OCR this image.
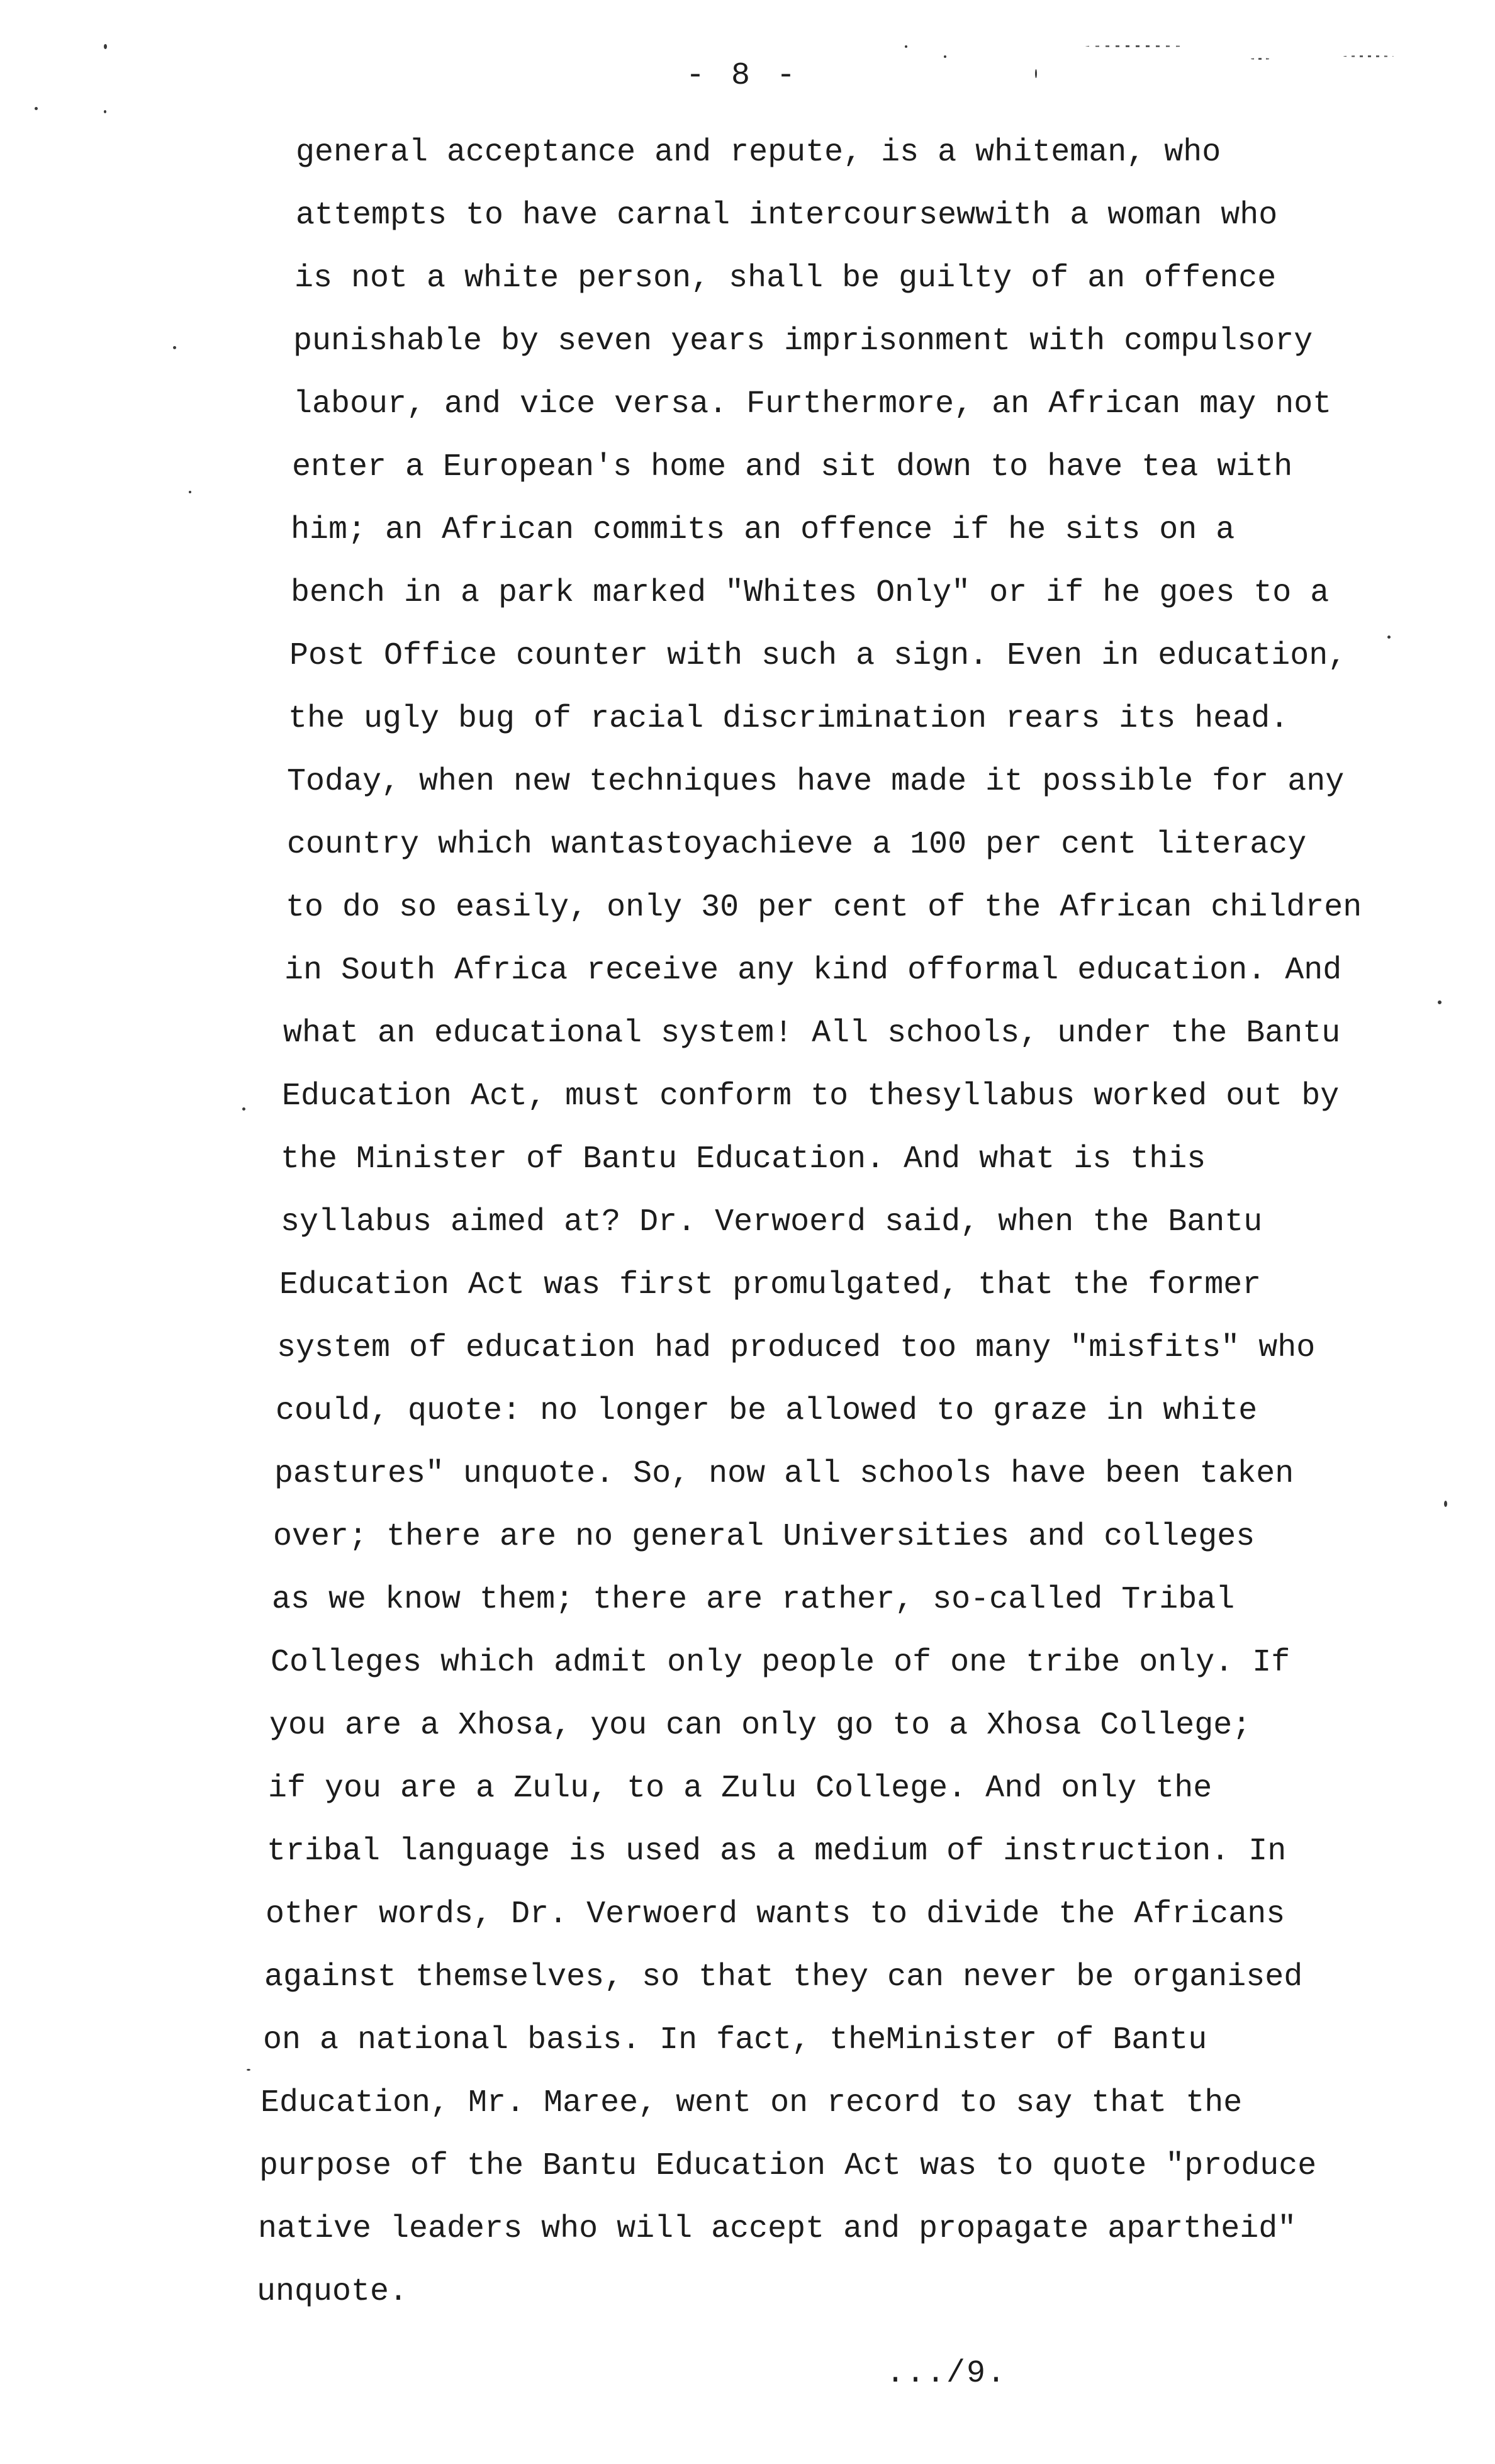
- 8 -
general acceptance and repute, is a whiteman, who
attempts to have carnal intercoursewwith a woman who
is not a white person, shall be guilty of an offence
punishable by seven years imprisonment with compulsory
labour, and vice versa. Furthermore, an African may not
enter a European's home and sit down to have tea with
him; an African commits an offence if he sits on a
bench in a park marked "Whites Only" or if he goes to a
Post Office counter with such a sign. Even in education,
the ugly bug of racial discrimination rears its head.
Today, when new techniques have made it possible for any
country which wantastoyachieve a 100 per cent literacy
to do so easily, only 30 per cent of the African children
in South Africa receive any kind offormal education. And
what an educational system! All schools, under the Bantu
Education Act, must conform to thesyllabus worked out by
the Minister of Bantu Education. And what is this
syllabus aimed at? Dr. Verwoerd said, when the Bantu
Education Act was first promulgated, that the former
system of education had produced too many "misfits" who
could, quote: no longer be allowed to graze in white
pastures" unquote. So, now all schools have been taken
over; there are no general Universities and colleges
as we know them; there are rather, so-called Tribal
Colleges which admit only people of one tribe only. If
you are a Xhosa, you can only go to a Xhosa College;
if you are a Zulu, to a Zulu College. And only the
tribal language is used as a medium of instruction. In
other words, Dr. Verwoerd wants to divide the Africans
against themselves, so that they can never be organised
on a national basis. In fact, theMinister of Bantu
Education, Mr. Maree, went on record to say that the
purpose of the Bantu Education Act was to quote "produce
native leaders who will accept and propagate apartheid"
unquote.
.../9.
